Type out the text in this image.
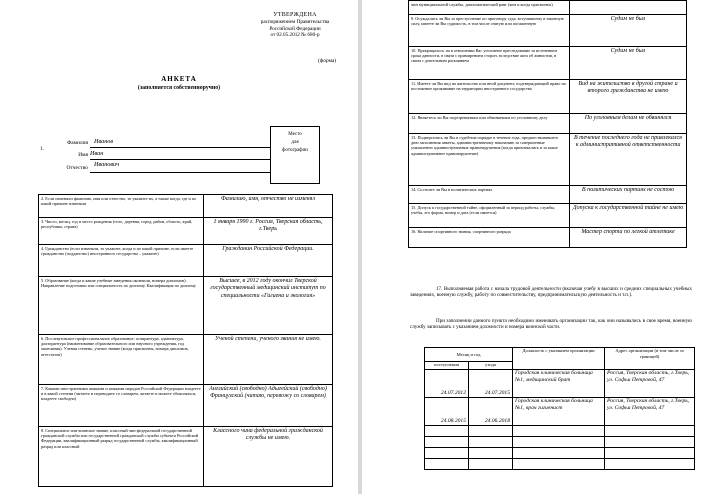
УТВЕРЖДЕНА
распоряжением Правительства
Российской Федерации
от 02.05.2012 № 680-р
(форма)
АНКЕТА
(заполняется собственноручно)
1.
Фамилия Иванов
Имя Иван
Отчество Иванович
Место
для
фотографии
2. Если изменяли фамилию, имя или отчество, то укажите их, а также когда, где и по какой причине изменяли	Фамилию, имя, отчество не изменял
3. Число, месяц, год и место рождения (село, деревня, город, район, область, край, республика, страна)	1 января 1990 г. Россия, Тверская область, г.Тверь
4. Гражданство (если изменяли, то укажите, когда и по какой причине, если имеете гражданство (подданство) иностранного государства – укажите)	Гражданин Российской Федерации.
5. Образование (когда и какие учебные заведения окончили, номера дипломов). Направление подготовки или специальность по диплому. Квалификация по диплому	Высшее, в 2012 году окончил Тверской государственный медицинский институт по специальности «Гигиена и экология»
6. Послевузовское профессиональное образование: аспирантура, адъюнктура, докторантура (наименование образовательного или научного учреждения, год окончания). Ученая степень, ученое звание (когда присвоены, номера дипломов, аттестатов)	Ученой степени, ученого звания не имею.
7. Какими иностранными языками и языками народов Российской Федерации владеете и в какой степени (читаете и переводите со словарем, читаете и можете объясняться, владеете свободно)	Английский (свободно) Адыгейский (свободно) Французский (читаю, перевожу со словарем)
8. Специальное или воинское звание, классный чин федеральной государственной гражданской службы или государственной гражданской службы субъекта Российской Федерации, квалификационный разряд государственной службы, квалификационный разряд или классный	Классного чина федеральной гражданской службы не имею.
чин муниципальной службы, дипломатический ранг (кем и когда присвоены)	
9. Осуждались ли Вы за преступление по приговору суда, вступившему в законную силу, имеете ли Вы судимость, в том числе снятую или погашенную	Судим не был
10. Прекращалось ли в отношении Вас уголовное преследование за истечением срока давности, в связи с примирением сторон, вследствие акта об амнистии, в связи с деятельным раскаянием	Судим не был
11. Имеете ли Вы вид на жительство или иной документ, подтверждающий право на постоянное проживание на территории иностранного государства	Вид на жительство в другой стране и второго гражданства не имею
12. Являетесь ли Вы подозреваемым или обвиняемым по уголовному делу	По уголовным делам не обвинялся
13. Подвергались ли Вы в судебном порядке в течение года, предшествовавшего дню заполнения анкеты, административному наказанию за совершенные умышленно административные правонарушения (когда привлекались и за какое административное правонарушение)	В течение последнего года не привлекался к административной ответственности
14. Состоите ли Вы в политических партиях	В политических партиях не состою
15. Допуск к государственной тайне, оформленный за период работы, службы, учебы, его форма, номер и дата (если имеется)	Допуска к государственной тайне не имею
16. Наличие спортивного звания, спортивного разряда	Мастер спорта по легкой атлетике
17. Выполняемая работа с начала трудовой деятельности (включая учебу в высших и средних специальных учебных заведениях, военную службу, работу по совместительству, предпринимательскую деятельность и т.п.).
При заполнении данного пункта необходимо именовать организации так, как они назывались в свое время, военную службу записывать с указанием должности и номера воинской части.
Месяц и год		Должность с указанием организации	Адрес организации (в том числе за границей)
поступления	ухода		
24.07.2012	24.07.2015	Городская клиническая больница №1, медицинский брат	Россия, Тверская область, г.Тверь, ул. Софьи Петровой, 47
24.08.2015	24.06.2018	Городская клиническая больница №1, врач гигиенист	Россия, Тверская область, г.Тверь, ул. Софьи Петровой, 47
